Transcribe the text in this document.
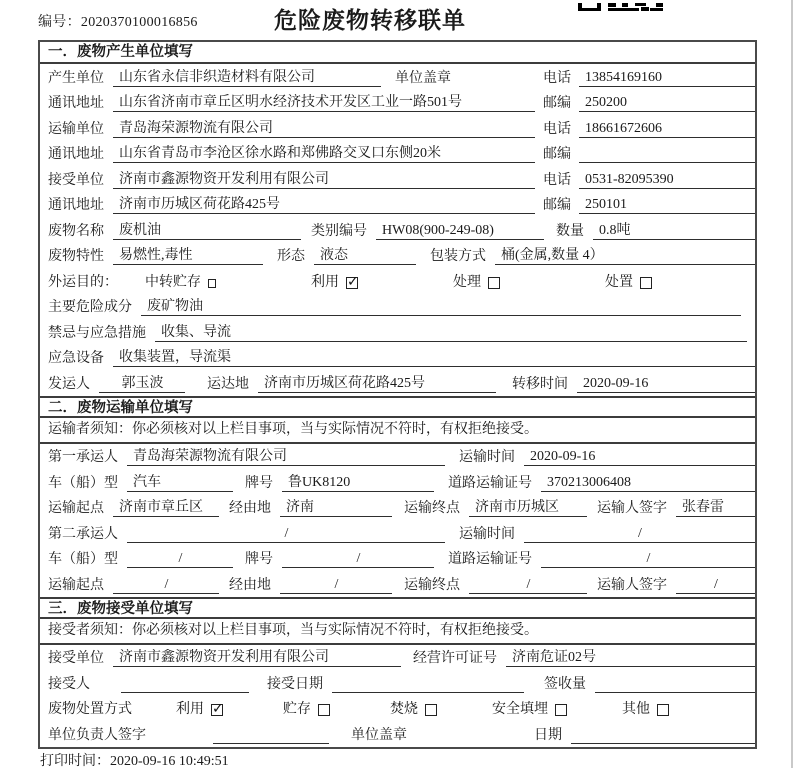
编号：2020370100016856	危险废物转移联单
一．废物产生单位填写
产生单位	山东省永信非织造材料有限公司	单位盖章	电话	13854169160
通讯地址	山东省济南市章丘区明水经济技术开发区工业一路501号	邮编	250200
运输单位	青岛海荣源物流有限公司	电话	18661672606
通讯地址	山东省青岛市李沧区徐水路和郑佛路交叉口东侧20米	邮编
接受单位	济南市鑫源物资开发利用有限公司	电话	0531-82095390
通讯地址	济南市历城区荷花路425号	邮编	250101
废物名称	废机油	类别编号	HW08(900-249-08)	数量	0.8吨
废物特性	易燃性,毒性	形态	液态	包装方式	桶(金属,数量 4）
外运目的： 中转贮存	利用 ✓	处理	处置
主要危险成分	废矿物油
禁忌与应急措施	收集、导流
应急设备	收集装置，导流渠
发运人	郭玉波	运达地	济南市历城区荷花路425号	转移时间	2020-09-16
二．废物运输单位填写
运输者须知：你必须核对以上栏目事项，当与实际情况不符时，有权拒绝接受。
第一承运人	青岛海荣源物流有限公司	运输时间	2020-09-16
车（船）型	汽车	牌号	鲁UK8120	道路运输证号	370213006408
运输起点	济南市章丘区	经由地	济南	运输终点	济南市历城区	运输人签字	张春雷
第二承运人	/	运输时间	/
车（船）型	/	牌号	/	道路运输证号	/
运输起点	/	经由地	/	运输终点	/	运输人签字	/
三．废物接受单位填写
接受者须知：你必须核对以上栏目事项，当与实际情况不符时，有权拒绝接受。
接受单位	济南市鑫源物资开发利用有限公司	经营许可证号	济南危证02号
接受人	接受日期	签收量
废物处置方式	利用 ✓	贮存	焚烧	安全填埋	其他
单位负责人签字	单位盖章	日期
打印时间：2020-09-16 10:49:51
